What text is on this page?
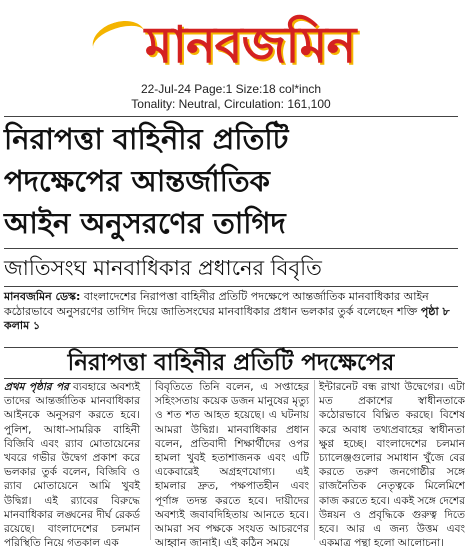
মানবজমিন
22-Jul-24 Page:1 Size:18 col*inch
Tonality: Neutral, Circulation: 161,100
নিরাপত্তা বাহিনীর প্রতিটি
পদক্ষেপের আন্তর্জাতিক
আইন অনুসরণের তাগিদ
জাতিসংঘ মানবাধিকার প্রধানের বিবৃতি
মানবজমিন ডেস্ক: বাংলাদেশের নিরাপত্তা বাহিনীর প্রতিটি পদক্ষেপে আন্তর্জাতিক মানবাধিকার আইন কঠোরভাবে অনুসরণের তাগিদ দিয়ে জাতিসংঘের মানবাধিকার প্রধান ভলকার তুর্ক বলেছেন শক্তি পৃষ্ঠা ৮ কলাম ১
নিরাপত্তা বাহিনীর প্রতিটি পদক্ষেপের
প্রথম পৃষ্ঠার পর ব্যবহারে অবশ্যই তাদের আন্তর্জাতিক মানবাধিকার আইনকে অনুসরণ করতে হবে। পুলিশ, আধা-সামরিক বাহিনী বিজিবি এবং র‍্যাব মোতায়েনের খবরে গভীর উদ্বেগ প্রকাশ করে ভলকার তুর্ক বলেন, বিজিবি ও র‍্যাব মোতায়েনে আমি খুবই উদ্বিগ্ন। এই র‍্যাবের বিরুদ্ধে মানবাধিকার লঙ্ঘনের দীর্ঘ রেকর্ড রয়েছে। বাংলাদেশের চলমান পরিস্থিতি নিয়ে গতকাল এক
বিবৃতিতে তিনি বলেন, এ সপ্তাহের সহিংসতায় কয়েক ডজন মানুষের মৃত্যু ও শত শত আহত হয়েছে। এ ঘটনায় আমরা উদ্বিগ্ন। মানবাধিকার প্রধান বলেন, প্রতিবাদী শিক্ষার্থীদের ওপর হামলা খুবই হতাশাজনক এবং এটি একেবারেই অগ্রহণযোগ্য। এই হামলার দ্রুত, পক্ষপাতহীন এবং পূর্ণাঙ্গ তদন্ত করতে হবে। দায়ীদের অবশ্যই জবাবদিহিতায় আনতে হবে। আমরা সব পক্ষকে সংযত আচরণের আহ্বান জানাই। এই কঠিন সময়ে
ইন্টারনেট বন্ধ রাখা উদ্বেগের। এটা মত প্রকাশের স্বাধীনতাকে কঠোরভাবে বিঘ্নিত করছে। বিশেষ করে অবাধ তথ্যপ্রবাহের স্বাধীনতা ক্ষুণ্ণ হচ্ছে। বাংলাদেশের চলমান চ্যালেঞ্জগুলোর সমাধান খুঁজে বের করতে তরুণ জনগোষ্ঠীর সঙ্গে রাজনৈতিক নেতৃত্বকে মিলেমিশে কাজ করতে হবে। একই সঙ্গে দেশের উন্নয়ন ও প্রবৃদ্ধিকে গুরুত্ব দিতে হবে। আর এ জন্য উত্তম এবং একমাত্র পন্থা হলো আলোচনা।
